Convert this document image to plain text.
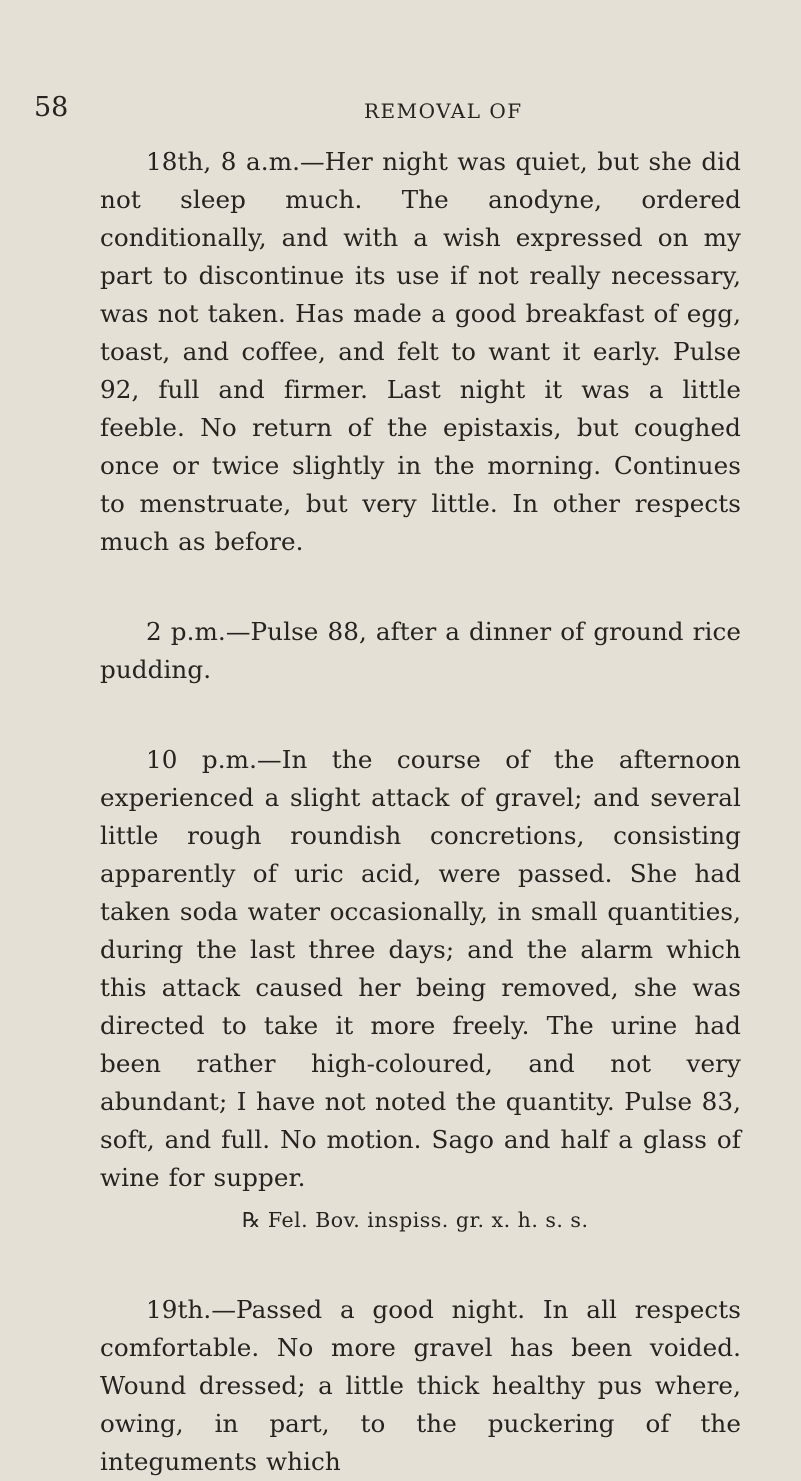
58	REMOVAL OF

18th, 8 a.m.—Her night was quiet, but she did not sleep much. The anodyne, ordered conditionally, and with a wish expressed on my part to discontinue its use if not really necessary, was not taken. Has made a good breakfast of egg, toast, and coffee, and felt to want it early. Pulse 92, full and firmer. Last night it was a little feeble. No return of the epistaxis, but coughed once or twice slightly in the morning. Continues to menstruate, but very little. In other respects much as before.

2 p.m.—Pulse 88, after a dinner of ground rice pudding.

10 p.m.—In the course of the afternoon experienced a slight attack of gravel; and several little rough roundish concretions, consisting apparently of uric acid, were passed. She had taken soda water occasionally, in small quantities, during the last three days; and the alarm which this attack caused her being removed, she was directed to take it more freely. The urine had been rather high-coloured, and not very abundant; I have not noted the quantity. Pulse 83, soft, and full. No motion. Sago and half a glass of wine for supper.

℞ Fel. Bov. inspiss. gr. x. h. s. s.

19th.—Passed a good night. In all respects comfortable. No more gravel has been voided. Wound dressed; a little thick healthy pus where, owing, in part, to the puckering of the integuments which
